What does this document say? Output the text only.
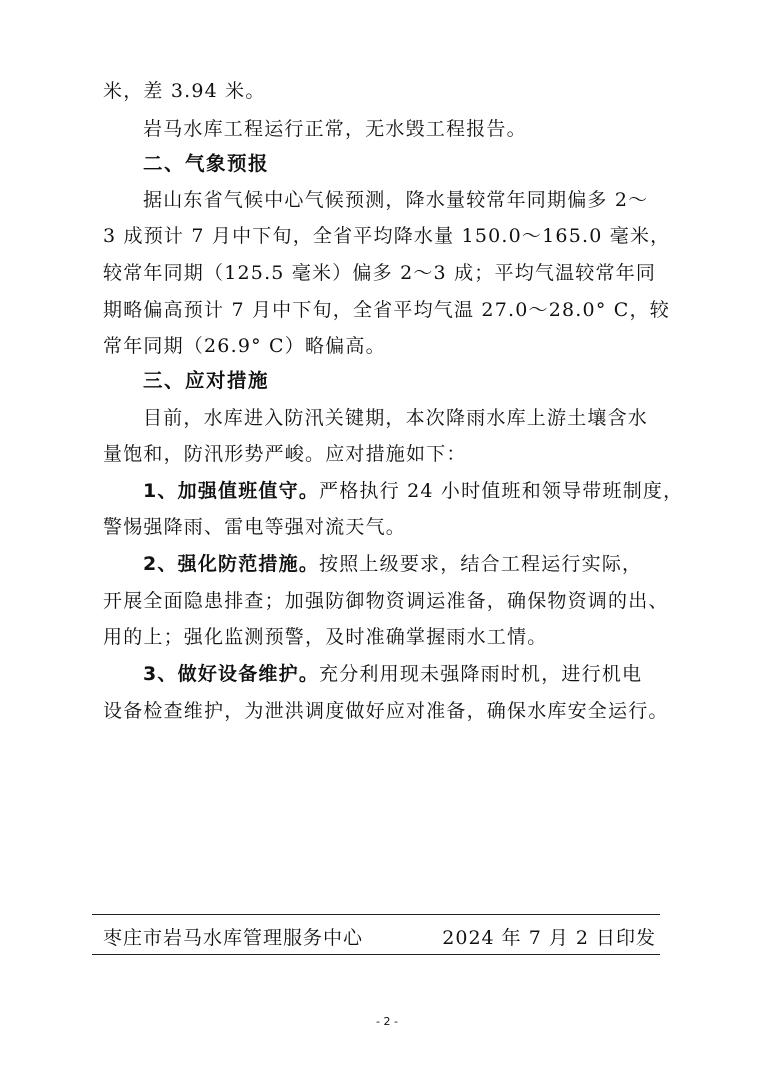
米，差 3.94 米。
岩马水库工程运行正常，无水毁工程报告。
二、气象预报
据山东省气候中心气候预测，降水量较常年同期偏多 2～
3 成预计 7 月中下旬，全省平均降水量 150.0～165.0 毫米，
较常年同期（125.5 毫米）偏多 2～3 成；平均气温较常年同
期略偏高预计 7 月中下旬，全省平均气温 27.0～28.0° C，较
常年同期（26.9° C）略偏高。
三、应对措施
目前，水库进入防汛关键期，本次降雨水库上游土壤含水
量饱和，防汛形势严峻。应对措施如下：
1、加强值班值守。严格执行 24 小时值班和领导带班制度，
警惕强降雨、雷电等强对流天气。
2、强化防范措施。按照上级要求，结合工程运行实际，
开展全面隐患排查；加强防御物资调运准备，确保物资调的出、
用的上；强化监测预警，及时准确掌握雨水工情。
3、做好设备维护。充分利用现未强降雨时机，进行机电
设备检查维护，为泄洪调度做好应对准备，确保水库安全运行。
枣庄市岩马水库管理服务中心	2024 年 7 月 2 日印发
- 2 -
